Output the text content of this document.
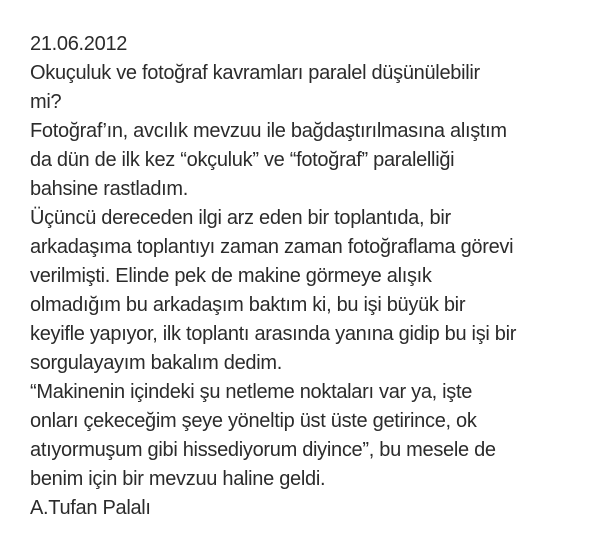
21.06.2012
Okuçuluk ve fotoğraf kavramları paralel düşünülebilir
mi?
Fotoğraf’ın, avcılık mevzuu ile bağdaştırılmasına alıştım
da dün de ilk kez “okçuluk” ve “fotoğraf” paralelliği
bahsine rastladım.
Üçüncü dereceden ilgi arz eden bir toplantıda, bir
arkadaşıma toplantıyı zaman zaman fotoğraflama görevi
verilmişti. Elinde pek de makine görmeye alışık
olmadığım bu arkadaşım baktım ki, bu işi büyük bir
keyifle yapıyor, ilk toplantı arasında yanına gidip bu işi bir
sorgulayayım bakalım dedim.
“Makinenin içindeki şu netleme noktaları var ya, işte
onları çekeceğim şeye yöneltip üst üste getirince, ok
atıyormuşum gibi hissediyorum diyince”, bu mesele de
benim için bir mevzuu haline geldi.
A.Tufan Palalı
